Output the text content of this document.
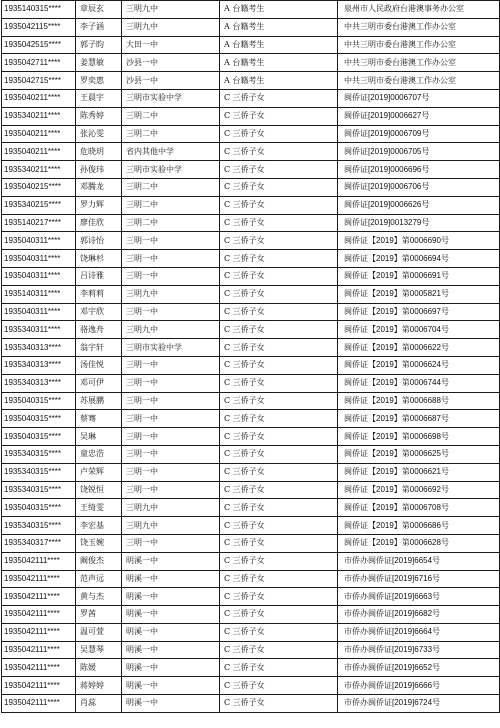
1935140315****	章辰玄	三明九中	A 台籍考生	泉州市人民政府台港澳事务办公室
1935042115****	李子涵	三明九中	A 台籍考生	中共三明市委台港澳工作办公室
1935042515****	郭子昀	大田一中	A 台籍考生	中共三明市委台港澳工作办公室
1935042711****	姜慧敏	沙县一中	A 台籍考生	中共三明市委台港澳工作办公室
1935042715****	罗奕惠	沙县一中	A 台籍考生	中共三明市委台港澳工作办公室
1935040211****	王晨宇	三明市实验中学	C 三侨子女	闽侨证[2019]0006707号
1935340211****	陈秀婷	三明二中	C 三侨子女	闽侨证[2019]0006627号
1935040211****	张沁雯	三明二中	C 三侨子女	闽侨证[2019]0006709号
1935040211****	危晓玥	省内其他中学	C 三侨子女	闽侨证[2019]0006705号
1935340211****	孙俊玮	三明市实验中学	C 三侨子女	闽侨证[2019]0006696号
1935040215****	邓腾龙	三明二中	C 三侨子女	闽侨证[2019]0006706号
1935340215****	罗力辉	三明二中	C 三侨子女	闽侨证[2019]0006626号
1935140217****	廖佳欣	三明二中	C 三侨子女	闽侨证[2019]0013279号
1935040311****	郭诗怡	三明一中	C 三侨子女	闽侨证【2019】第0006690号
1935040311****	饶琳杉	三明一中	C 三侨子女	闽侨证【2019】第0006694号
1935040311****	吕诗雅	三明一中	C 三侨子女	闽侨证【2019】第0006691号
1935140311****	李莉莉	三明九中	C 三侨子女	闽侨证【2019】第0005821号
1935040311****	邓宇欣	三明一中	C 三侨子女	闽侨证【2019】第0006697号
1935340311****	骆逸舟	三明九中	C 三侨子女	闽侨证【2019】第0006704号
1935340313****	翁宇轩	三明市实验中学	C 三侨子女	闽侨证【2019】第0006622号
1935340313****	汤佳悦	三明一中	C 三侨子女	闽侨证【2019】第0006624号
1935340313****	邓可伊	三明一中	C 三侨子女	闽侨证【2019】第0006744号
1935040315****	苏展鹏	三明一中	C 三侨子女	闽侨证【2019】第0006688号
1935040315****	蔡骞	三明一中	C 三侨子女	闽侨证【2019】第0006687号
1935040315****	吴琳	三明一中	C 三侨子女	闽侨证【2019】第0006698号
1935340315****	童忠浩	三明一中	C 三侨子女	闽侨证【2019】第0006625号
1935340315****	卢荣辉	三明一中	C 三侨子女	闽侨证【2019】第0006621号
1935340315****	饶锐恒	三明一中	C 三侨子女	闽侨证【2019】第0006692号
1935040315****	王绮雯	三明九中	C 三侨子女	闽侨证【2019】第0006708号
1935340315****	李宏基	三明九中	C 三侨子女	闽侨证【2019】第0006686号
1935340317****	饶玉婉	三明一中	C 三侨子女	闽侨证【2019】第0006628号
1935042111****	阚俊杰	明溪一中	C 三侨子女	市侨办闽侨证[2019]6654号
1935042111****	范声远	明溪一中	C 三侨子女	市侨办闽侨证[2019]6716号
1935042111****	黄与杰	明溪一中	C 三侨子女	市侨办闽侨证[2019]6663号
1935042111****	罗茜	明溪一中	C 三侨子女	市侨办闽侨证[2019]6682号
1935042111****	温可萱	明溪一中	C 三侨子女	市侨办闽侨证[2019]6664号
1935042111****	吴慧琴	明溪一中	C 三侨子女	市侨办闽侨证[2019]6733号
1935042111****	陈媛	明溪一中	C 三侨子女	市侨办闽侨证[2019]6652号
1935042111****	蒋婷婷	明溪一中	C 三侨子女	市侨办闽侨证[2019]6666号
1935042111****	肖蕊	明溪一中	C 三侨子女	市侨办闽侨证[2019]6724号
